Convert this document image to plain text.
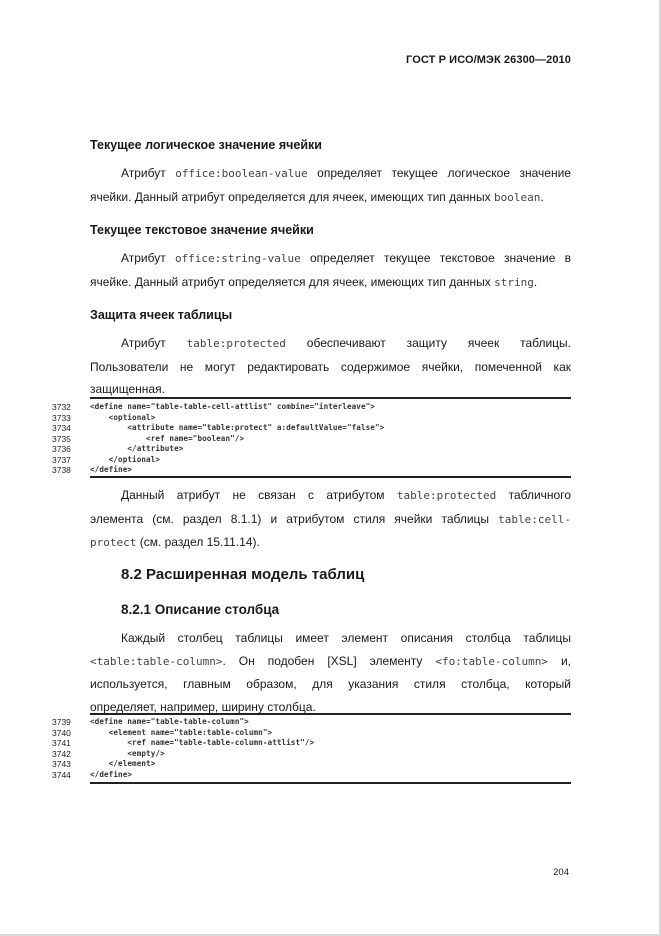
ГОСТ Р ИСО/МЭК 26300—2010
Текущее логическое значение ячейки
Атрибут office:boolean-value определяет текущее логическое значение
ячейки. Данный атрибут определяется для ячеек, имеющих тип данных boolean.
Текущее текстовое значение ячейки
Атрибут office:string-value определяет текущее текстовое значение в
ячейке. Данный атрибут определяется для ячеек, имеющих тип данных string.
Защита ячеек таблицы
Атрибут table:protected обеспечивают защиту ячеек таблицы.
Пользователи не могут редактировать содержимое ячейки, помеченной как
защищенная.
3732	<define name="table-table-cell-attlist" combine="interleave">
3733	<optional>
3734	<attribute name="table:protect" a:defaultValue="false">
3735	<ref name="boolean"/>
3736	</attribute>
3737	</optional>
3738	</define>
Данный атрибут не связан с атрибутом table:protected табличного
элемента (см. раздел 8.1.1) и атрибутом стиля ячейки таблицы table:cell-
protect (см. раздел 15.11.14).
8.2 Расширенная модель таблиц
8.2.1 Описание столбца
Каждый столбец таблицы имеет элемент описания столбца таблицы
<table:table-column>. Он подобен [XSL] элементу <fo:table-column> и,
используется, главным образом, для указания стиля столбца, который
определяет, например, ширину столбца.
3739	<define name="table-table-column">
3740	<element name="table:table-column">
3741	<ref name="table-table-column-attlist"/>
3742	<empty/>
3743	</element>
3744	</define>
204
